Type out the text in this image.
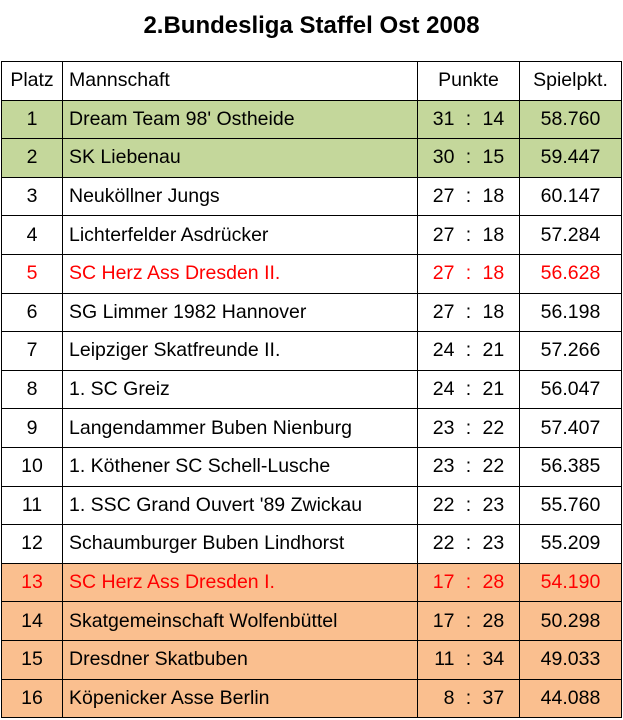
2.Bundesliga Staffel Ost 2008
Platz	Mannschaft	Punkte	Spielpkt.
1	Dream Team 98' Ostheide	31 : 14	58.760
2	SK Liebenau	30 : 15	59.447
3	Neuköllner Jungs	27 : 18	60.147
4	Lichterfelder Asdrücker	27 : 18	57.284
5	SC Herz Ass Dresden II.	27 : 18	56.628
6	SG Limmer 1982 Hannover	27 : 18	56.198
7	Leipziger Skatfreunde II.	24 : 21	57.266
8	1. SC Greiz	24 : 21	56.047
9	Langendammer Buben Nienburg	23 : 22	57.407
10	1. Köthener SC Schell-Lusche	23 : 22	56.385
11	1. SSC Grand Ouvert '89 Zwickau	22 : 23	55.760
12	Schaumburger Buben Lindhorst	22 : 23	55.209
13	SC Herz Ass Dresden I.	17 : 28	54.190
14	Skatgemeinschaft Wolfenbüttel	17 : 28	50.298
15	Dresdner Skatbuben	11 : 34	49.033
16	Köpenicker Asse Berlin	8 : 37	44.088
